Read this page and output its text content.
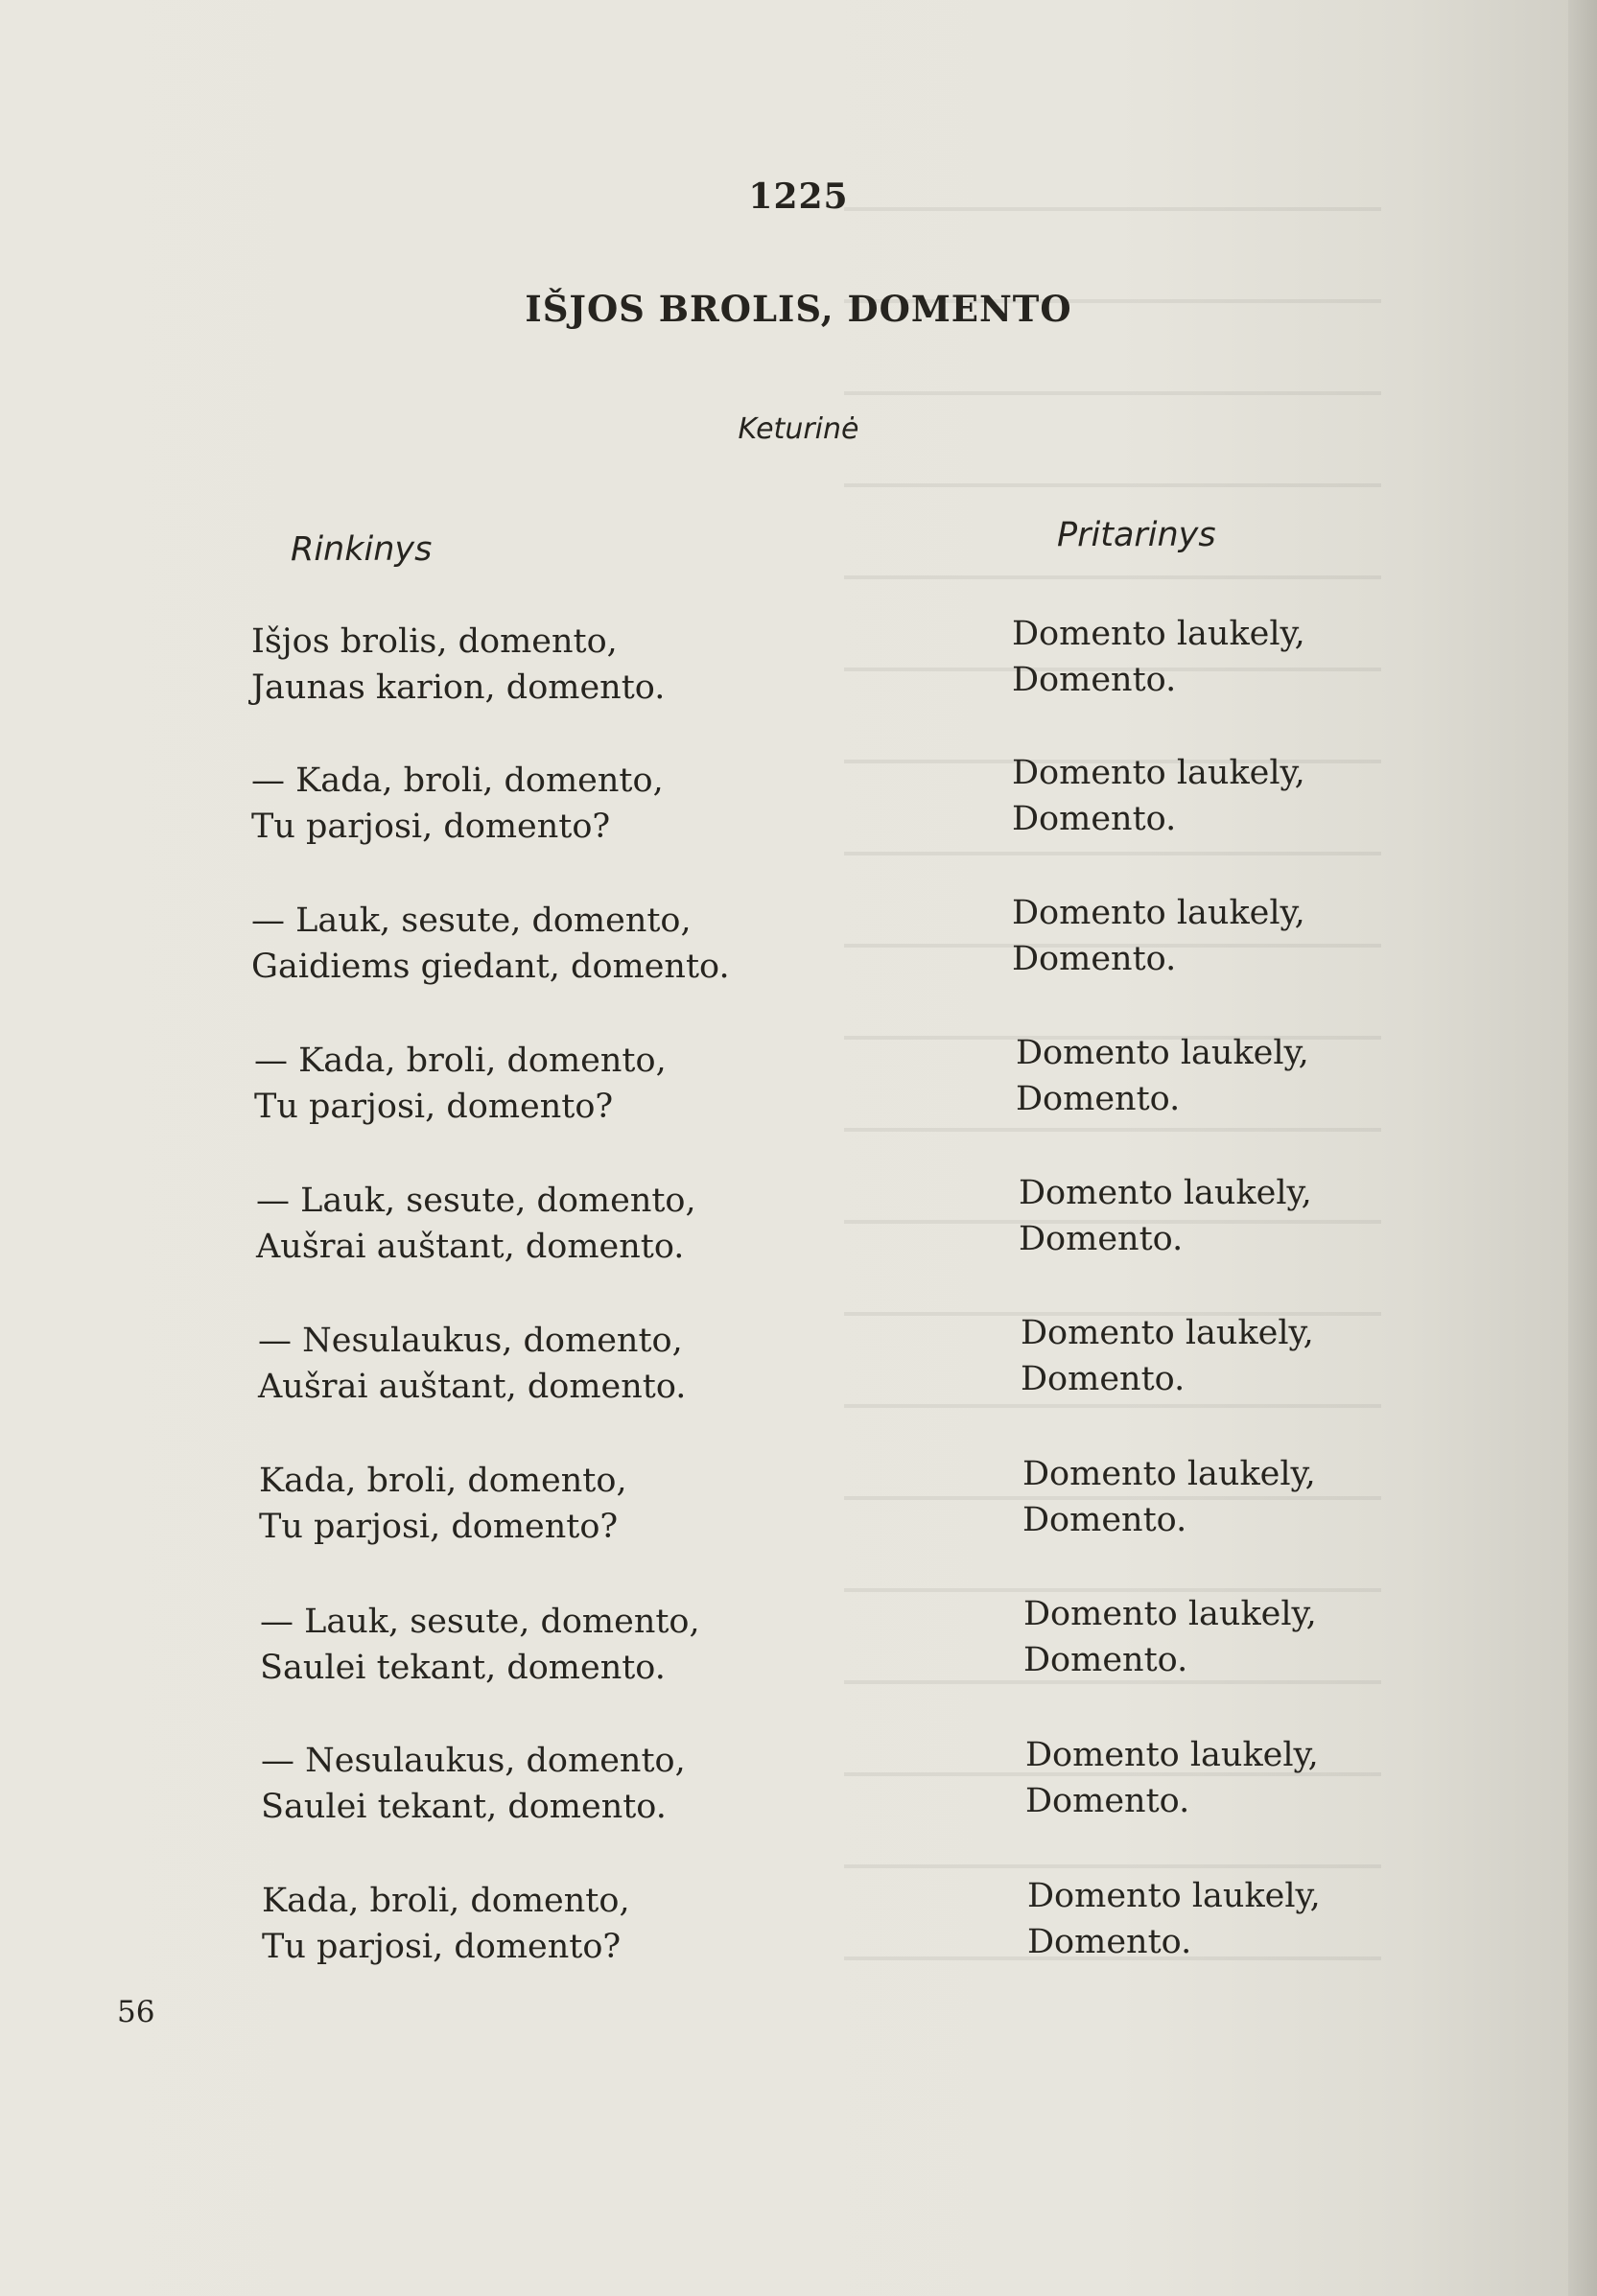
1225
IŠJOS BROLIS, DOMENTO
Keturinė
Rinkinys	Pritarinys
Išjos brolis, domento,
Jaunas karion, domento.
Domento laukely,
Domento.
— Kada, broli, domento,
Tu parjosi, domento?
Domento laukely,
Domento.
— Lauk, sesute, domento,
Gaidiems giedant, domento.
Domento laukely,
Domento.
— Kada, broli, domento,
Tu parjosi, domento?
Domento laukely,
Domento.
— Lauk, sesute, domento,
Aušrai auštant, domento.
Domento laukely,
Domento.
— Nesulaukus, domento,
Aušrai auštant, domento.
Domento laukely,
Domento.
Kada, broli, domento,
Tu parjosi, domento?
Domento laukely,
Domento.
— Lauk, sesute, domento,
Saulei tekant, domento.
Domento laukely,
Domento.
— Nesulaukus, domento,
Saulei tekant, domento.
Domento laukely,
Domento.
Kada, broli, domento,
Tu parjosi, domento?
Domento laukely,
Domento.
56
